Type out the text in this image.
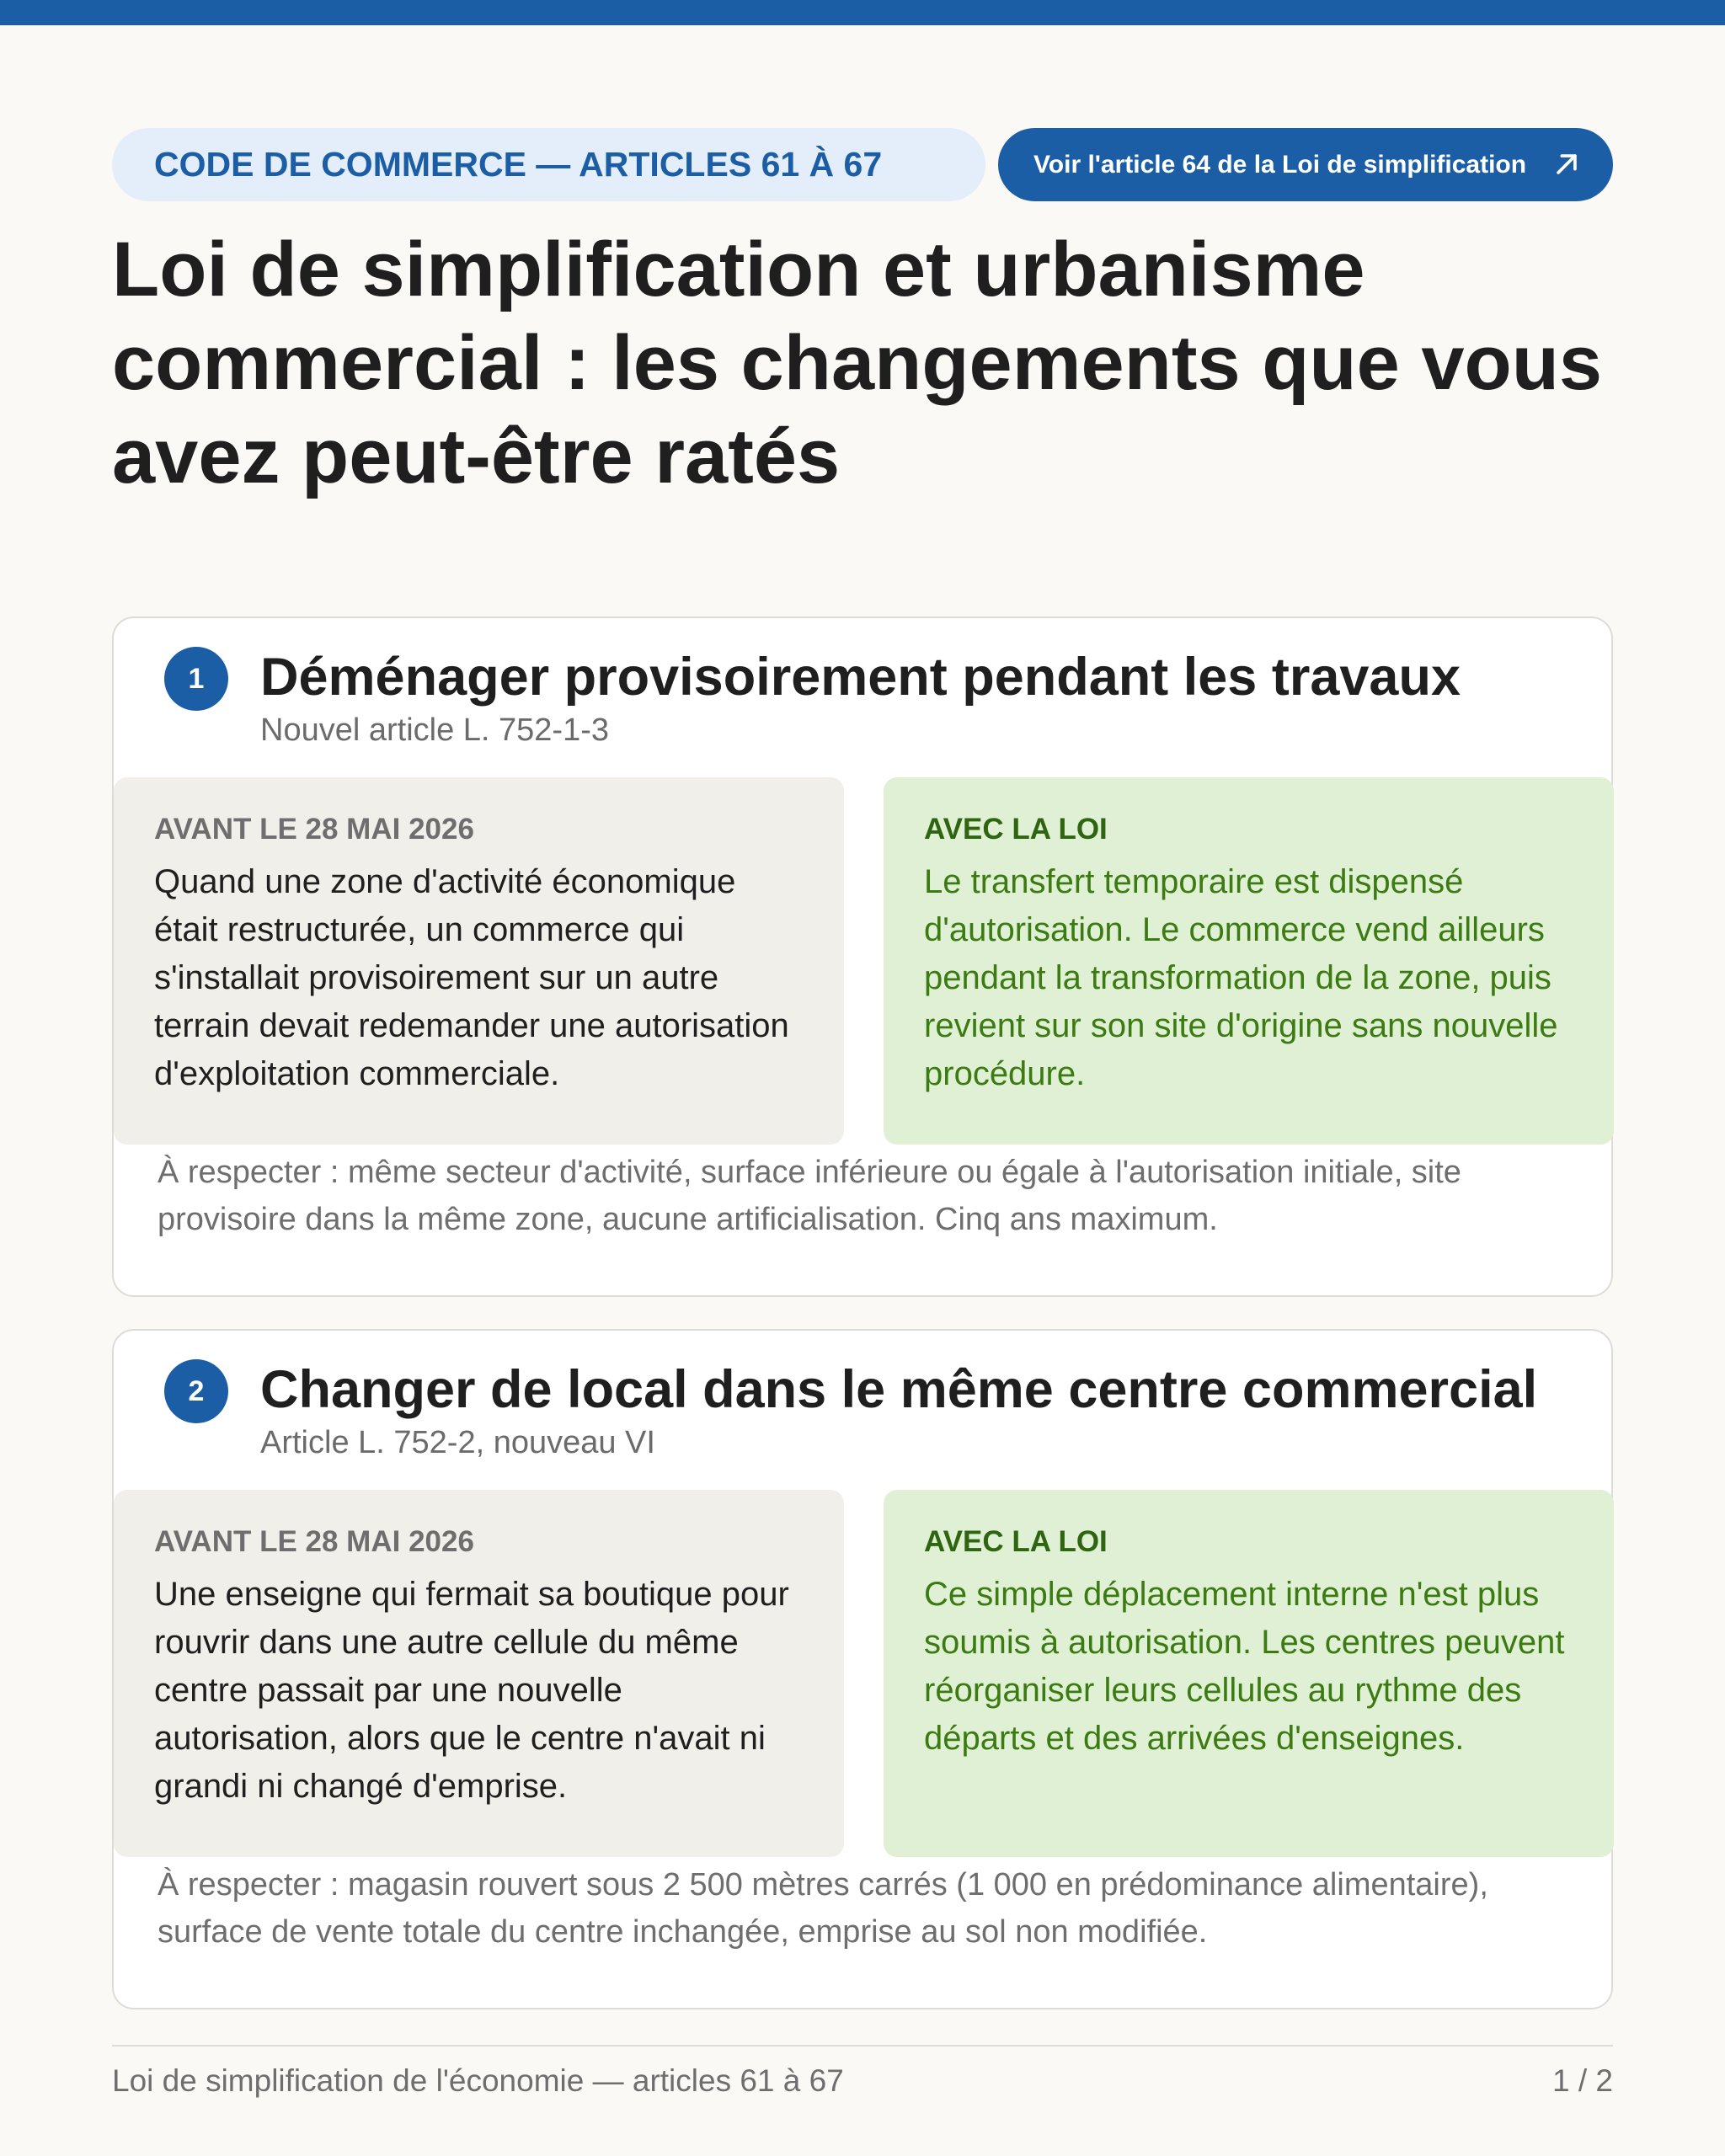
CODE DE COMMERCE — ARTICLES 61 À 67	Voir l'article 64 de la Loi de simplification
Loi de simplification et urbanisme commercial : les changements que vous avez peut-être ratés
1	Déménager provisoirement pendant les travaux
Nouvel article L. 752-1-3
AVANT LE 28 MAI 2026
Quand une zone d'activité économique était restructurée, un commerce qui s'installait provisoirement sur un autre terrain devait redemander une autorisation d'exploitation commerciale.
AVEC LA LOI
Le transfert temporaire est dispensé d'autorisation. Le commerce vend ailleurs pendant la transformation de la zone, puis revient sur son site d'origine sans nouvelle procédure.
À respecter : même secteur d'activité, surface inférieure ou égale à l'autorisation initiale, site provisoire dans la même zone, aucune artificialisation. Cinq ans maximum.
2	Changer de local dans le même centre commercial
Article L. 752-2, nouveau VI
AVANT LE 28 MAI 2026
Une enseigne qui fermait sa boutique pour rouvrir dans une autre cellule du même centre passait par une nouvelle autorisation, alors que le centre n'avait ni grandi ni changé d'emprise.
AVEC LA LOI
Ce simple déplacement interne n'est plus soumis à autorisation. Les centres peuvent réorganiser leurs cellules au rythme des départs et des arrivées d'enseignes.
À respecter : magasin rouvert sous 2 500 mètres carrés (1 000 en prédominance alimentaire), surface de vente totale du centre inchangée, emprise au sol non modifiée.
Loi de simplification de l'économie — articles 61 à 67	1 / 2
